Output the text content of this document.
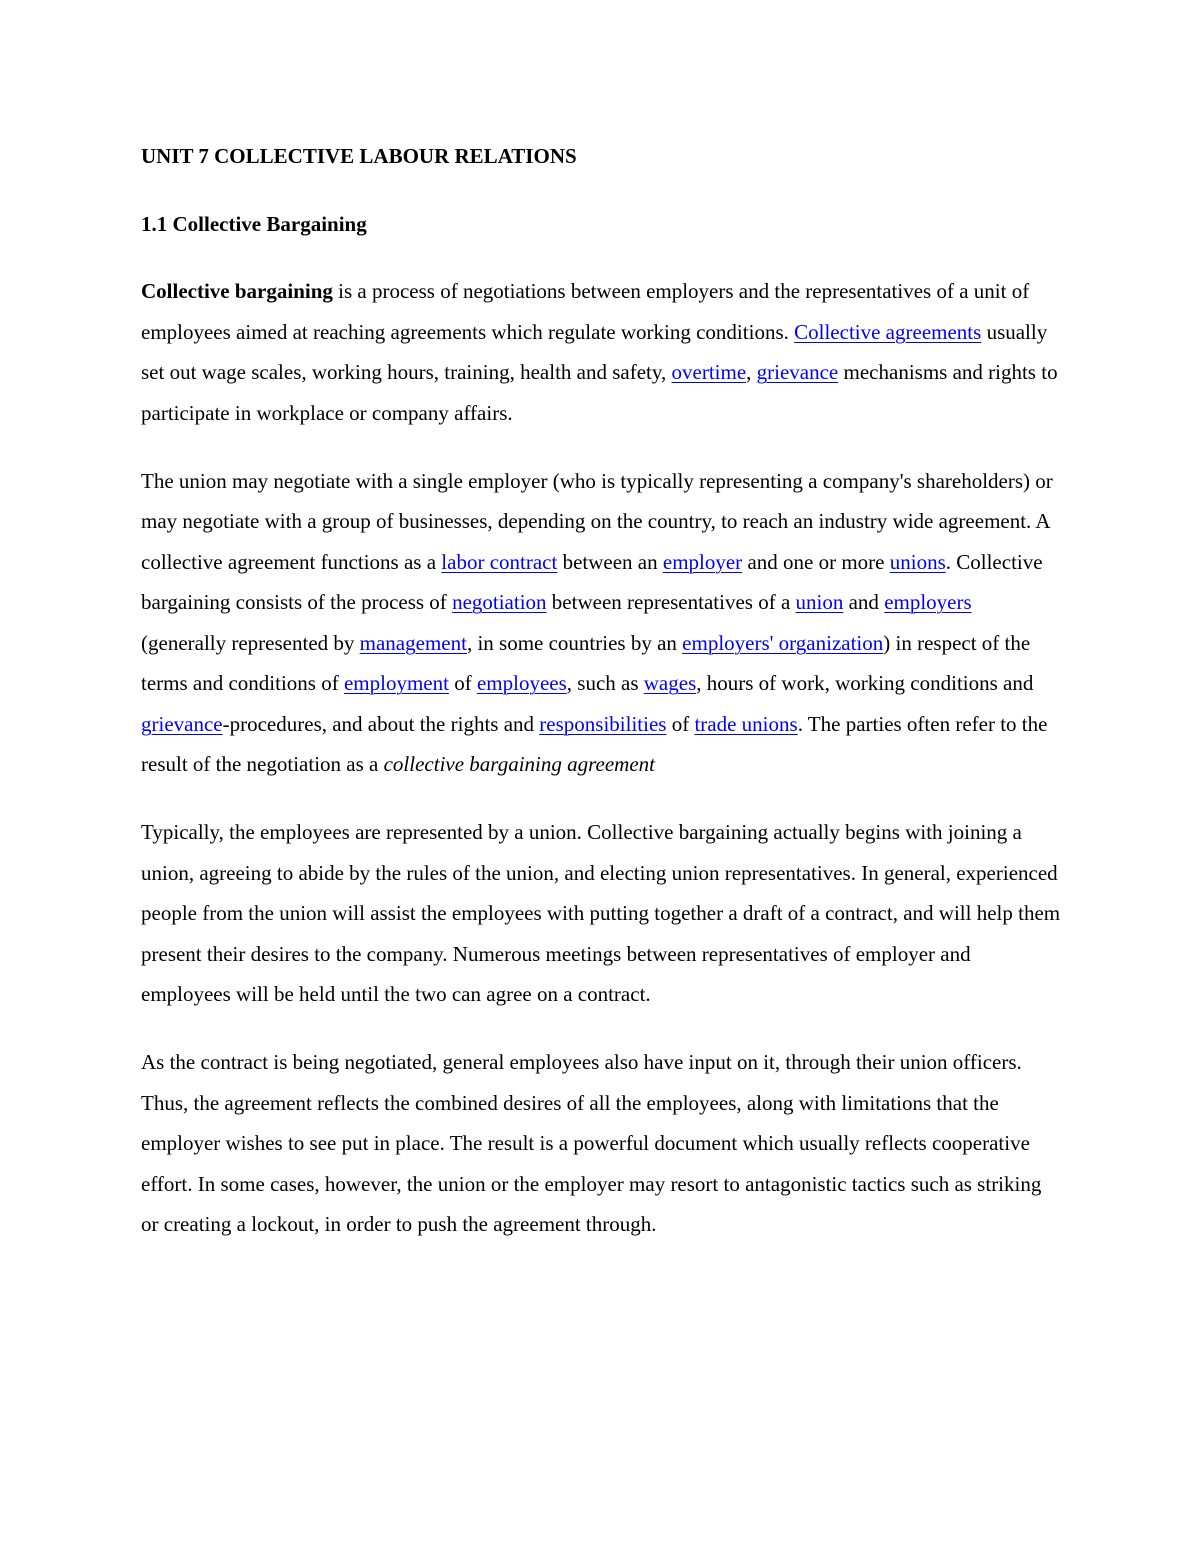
UNIT 7 COLLECTIVE LABOUR RELATIONS
1.1 Collective Bargaining

Collective bargaining is a process of negotiations between employers and the representatives of a unit of employees aimed at reaching agreements which regulate working conditions. Collective agreements usually set out wage scales, working hours, training, health and safety, overtime, grievance mechanisms and rights to participate in workplace or company affairs.

The union may negotiate with a single employer (who is typically representing a company's shareholders) or may negotiate with a group of businesses, depending on the country, to reach an industry wide agreement. A collective agreement functions as a labor contract between an employer and one or more unions. Collective bargaining consists of the process of negotiation between representatives of a union and employers (generally represented by management, in some countries by an employers' organization) in respect of the terms and conditions of employment of employees, such as wages, hours of work, working conditions and grievance-procedures, and about the rights and responsibilities of trade unions. The parties often refer to the result of the negotiation as a collective bargaining agreement

Typically, the employees are represented by a union. Collective bargaining actually begins with joining a union, agreeing to abide by the rules of the union, and electing union representatives. In general, experienced people from the union will assist the employees with putting together a draft of a contract, and will help them present their desires to the company. Numerous meetings between representatives of employer and employees will be held until the two can agree on a contract.

As the contract is being negotiated, general employees also have input on it, through their union officers. Thus, the agreement reflects the combined desires of all the employees, along with limitations that the employer wishes to see put in place. The result is a powerful document which usually reflects cooperative effort. In some cases, however, the union or the employer may resort to antagonistic tactics such as striking or creating a lockout, in order to push the agreement through.
